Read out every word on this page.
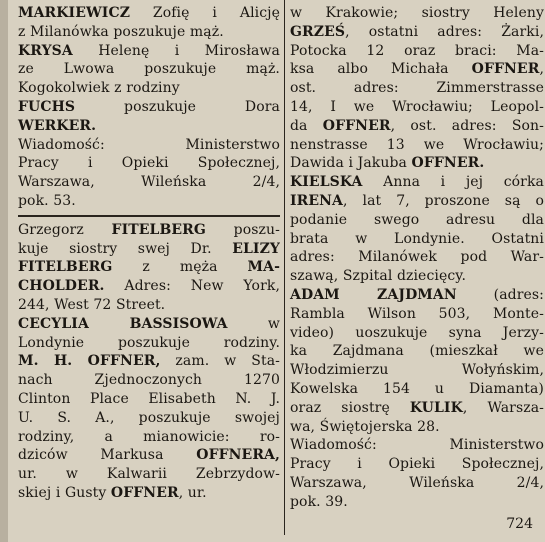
MARKIEWICZ Zofię i Alicję

z Milanówka poszukuje mąż.

KRYSA Helenę i Mirosława

ze Lwowa poszukuje mąż.

Kogokolwiek z rodziny

FUCHS poszukuje Dora

WERKER.

Wiadomość: Ministerstwo

Pracy i Opieki Społecznej,

Warszawa, Wileńska 2/4,

pok. 53.

Grzegorz FITELBERG poszu-

kuje siostry swej Dr. ELIZY

FITELBERG z męża MA-

CHOLDER. Adres: New York,

244, West 72 Street.

CECYLIA BASSISOWA w

Londynie poszukuje rodziny.

M. H. OFFNER, zam. w Sta-

nach Zjednoczonych 1270

Clinton Place Elisabeth N. J.

U. S. A., poszukuje swojej

rodziny, a mianowicie: ro-

dziców Markusa OFFNERA,

ur. w Kalwarii Zebrzydow-

skiej i Gusty OFFNER, ur.

w Krakowie; siostry Heleny

GRZEŚ, ostatni adres: Żarki,

Potocka 12 oraz braci: Ma-

ksa albo Michała OFFNER,

ost. adres: Zimmerstrasse

14, I we Wrocławiu; Leopol-

da OFFNER, ost. adres: Son-

nenstrasse 13 we Wrocławiu;

Dawida i Jakuba OFFNER.

KIELSKA Anna i jej córka

IRENA, lat 7, proszone są o

podanie swego adresu dla

brata w Londynie. Ostatni

adres: Milanówek pod War-

szawą, Szpital dziecięcy.

ADAM ZAJDMAN (adres:

Rambla Wilson 503, Monte-

video) uoszukuje syna Jerzy-

ka Zajdmana (mieszkał we

Włodzimierzu Wołyńskim,

Kowelska 154 u Diamanta)

oraz siostrę KULIK, Warsza-

wa, Świętojerska 28.

Wiadomość: Ministerstwo

Pracy i Opieki Społecznej,

Warszawa, Wileńska 2/4,

pok. 39.

724
